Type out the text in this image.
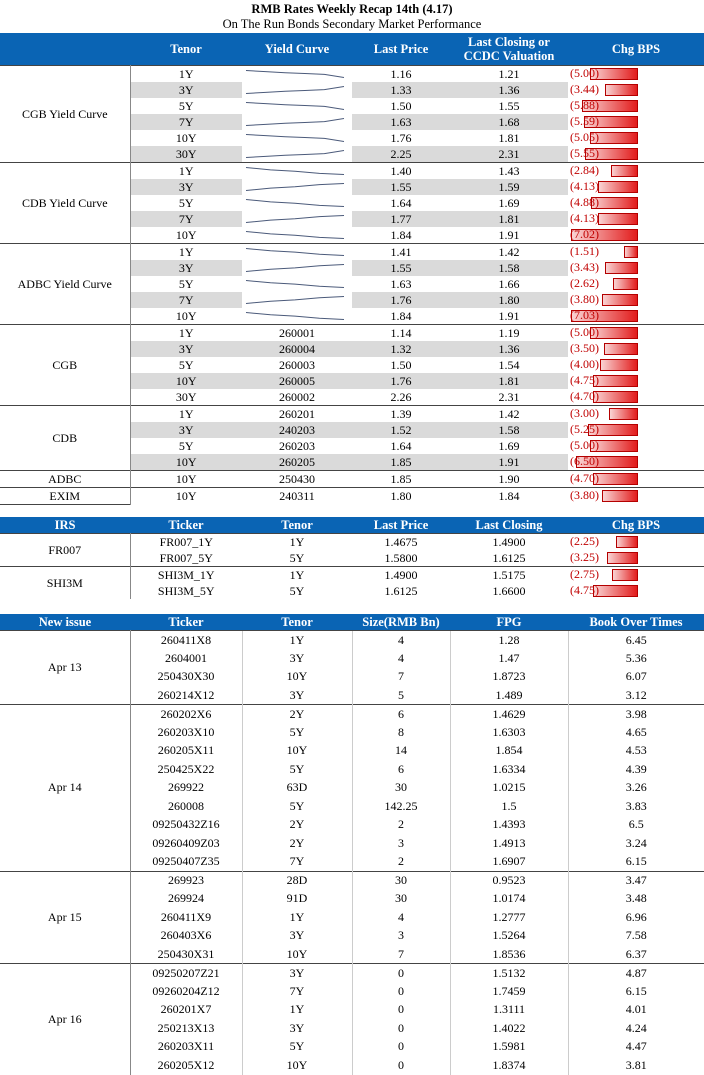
RMB Rates Weekly Recap 14th (4.17)
On The Run Bonds Secondary Market Performance
	Tenor	Yield Curve	Last Price	Last Closing or CCDC Valuation	Chg BPS
CGB Yield Curve	1Y		1.16	1.21	(5.00)

	3Y		1.33	1.36	(3.44)

	5Y		1.50	1.55	(5.88)

	7Y		1.63	1.68	(5.59)

	10Y		1.76	1.81	(5.05)

	30Y		2.25	2.31	(5.55)

CDB Yield Curve	1Y		1.40	1.43	(2.84)

	3Y		1.55	1.59	(4.13)

	5Y		1.64	1.69	(4.88)

	7Y		1.77	1.81	(4.13)

	10Y		1.84	1.91	(7.02)

ADBC Yield Curve	1Y		1.41	1.42	(1.51)

	3Y		1.55	1.58	(3.43)

	5Y		1.63	1.66	(2.62)

	7Y		1.76	1.80	(3.80)

	10Y		1.84	1.91	(7.03)

CGB	1Y	260001	1.14	1.19	(5.00)

	3Y	260004	1.32	1.36	(3.50)

	5Y	260003	1.50	1.54	(4.00)

	10Y	260005	1.76	1.81	(4.75)

	30Y	260002	2.26	2.31	(4.70)

CDB	1Y	260201	1.39	1.42	(3.00)

	3Y	240203	1.52	1.58	(5.25)

	5Y	260203	1.64	1.69	(5.00)

	10Y	260205	1.85	1.91	(6.50)

ADBC	10Y	250430	1.85	1.90	(4.70)

EXIM	10Y	240311	1.80	1.84	(3.80)

IRS	Ticker	Tenor	Last Price	Last Closing	Chg BPS
FR007	FR007_1Y	1Y	1.4675	1.4900	(2.25)

	FR007_5Y	5Y	1.5800	1.6125	(3.25)

SHI3M	SHI3M_1Y	1Y	1.4900	1.5175	(2.75)

	SHI3M_5Y	5Y	1.6125	1.6600	(4.75)
New issue	Ticker	Tenor	Size(RMB Bn)	FPG	Book Over Times
Apr 13	260411X8	1Y	4	1.28	6.45
	2604001	3Y	4	1.47	5.36
	250430X30	10Y	7	1.8723	6.07
	260214X12	3Y	5	1.489	3.12
Apr 14	260202X6	2Y	6	1.4629	3.98
	260203X10	5Y	8	1.6303	4.65
	260205X11	10Y	14	1.854	4.53
	250425X22	5Y	6	1.6334	4.39
	269922	63D	30	1.0215	3.26
	260008	5Y	142.25	1.5	3.83
	09250432Z16	2Y	2	1.4393	6.5
	09260409Z03	2Y	3	1.4913	3.24
	09250407Z35	7Y	2	1.6907	6.15
Apr 15	269923	28D	30	0.9523	3.47
	269924	91D	30	1.0174	3.48
	260411X9	1Y	4	1.2777	6.96
	260403X6	3Y	3	1.5264	7.58
	250430X31	10Y	7	1.8536	6.37
Apr 16	09250207Z21	3Y	0	1.5132	4.87
	09260204Z12	7Y	0	1.7459	6.15
	260201X7	1Y	0	1.3111	4.01
	250213X13	3Y	0	1.4022	4.24
	260203X11	5Y	0	1.5981	4.47
	260205X12	10Y	0	1.8374	3.81
